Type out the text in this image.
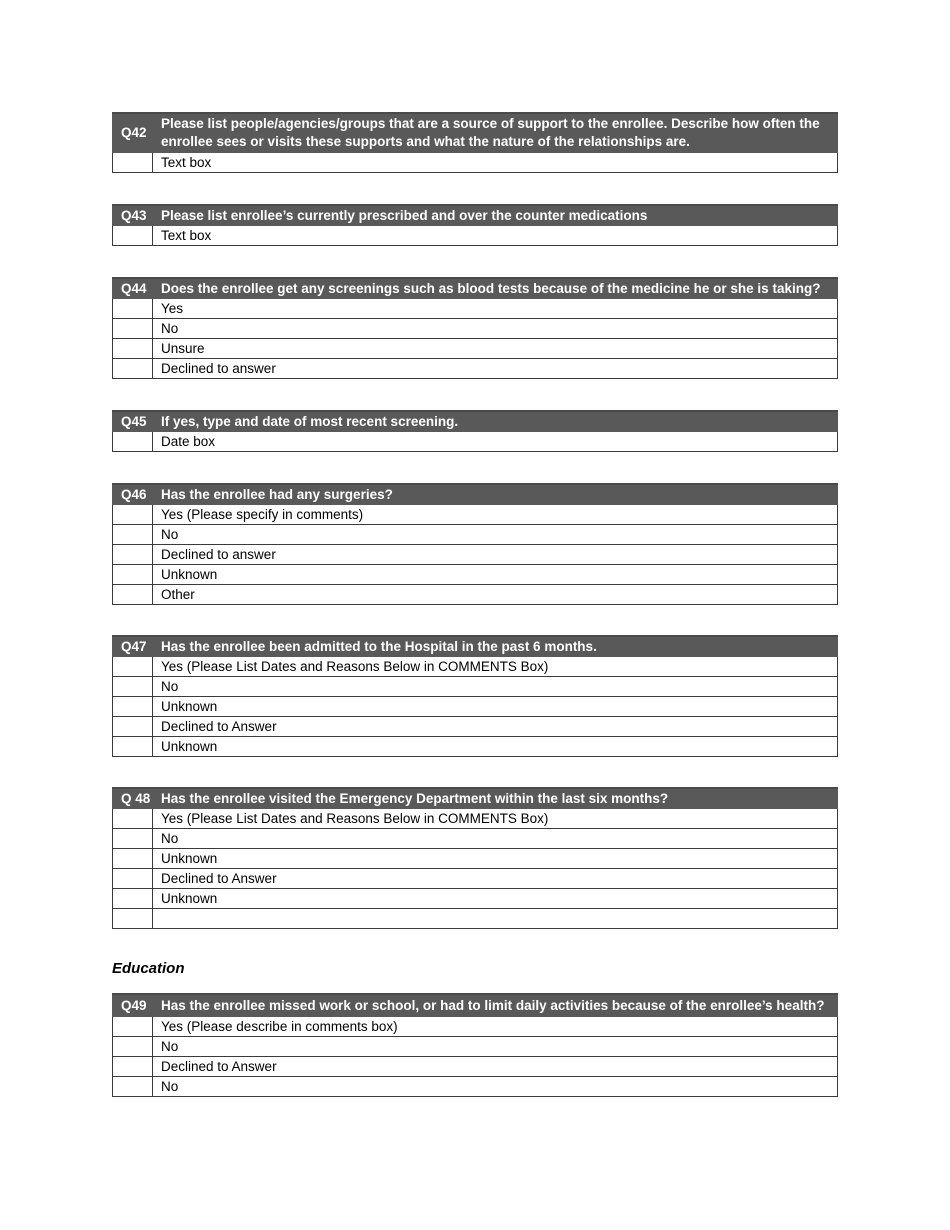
Q42	Please list people/agencies/groups that are a source of support to the enrollee. Describe how often the enrollee sees or visits these supports and what the nature of the relationships are.
	Text box
Q43	Please list enrollee’s currently prescribed and over the counter medications
	Text box
Q44	Does the enrollee get any screenings such as blood tests because of the medicine he or she is taking?
	Yes
	No
	Unsure
	Declined to answer
Q45	If yes, type and date of most recent screening.
	Date box
Q46	Has the enrollee had any surgeries?
	Yes (Please specify in comments)
	No
	Declined to answer
	Unknown
	Other
Q47	Has the enrollee been admitted to the Hospital in the past 6 months.
	Yes (Please List Dates and Reasons Below in COMMENTS Box)
	No
	Unknown
	Declined to Answer
	Unknown
Q 48	Has the enrollee visited the Emergency Department within the last six months?
	Yes (Please List Dates and Reasons Below in COMMENTS Box)
	No
	Unknown
	Declined to Answer
	Unknown

Education
Q49	Has the enrollee missed work or school, or had to limit daily activities because of the enrollee’s health?
	Yes (Please describe in comments box)
	No
	Declined to Answer
	No
